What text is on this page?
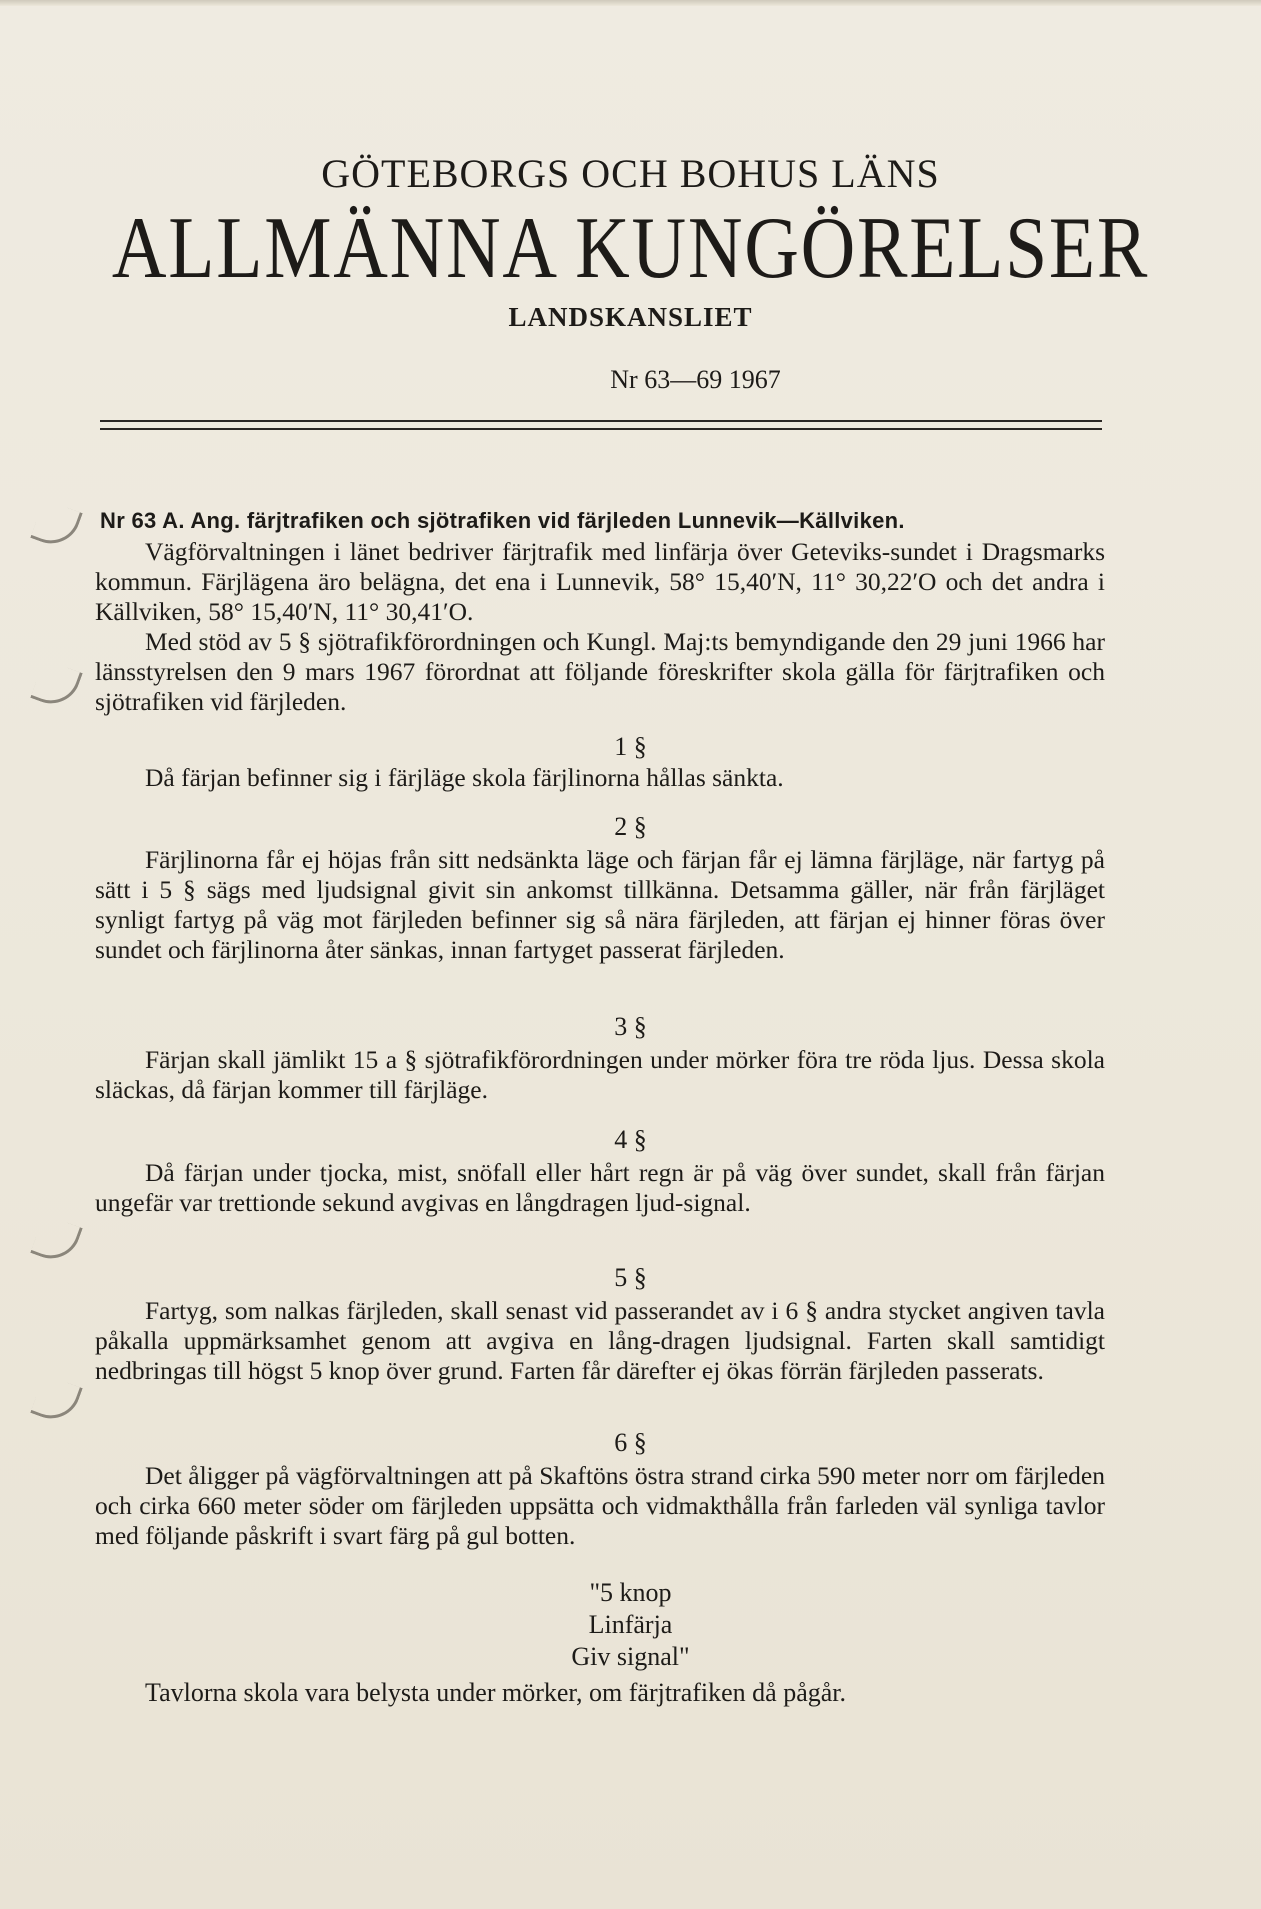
GÖTEBORGS OCH BOHUS LÄNS
ALLMÄNNA KUNGÖRELSER
LANDSKANSLIET
Nr 63—69 1967
Nr 63 A. Ang. färjtrafiken och sjötrafiken vid färjleden Lunnevik—Källviken.

Vägförvaltningen i länet bedriver färjtrafik med linfärja över Geteviks-sundet i Dragsmarks kommun. Färjlägena äro belägna, det ena i Lunnevik, 58° 15,40′N, 11° 30,22′O och det andra i Källviken, 58° 15,40′N, 11° 30,41′O.

Med stöd av 5 § sjötrafikförordningen och Kungl. Maj:ts bemyndigande den 29 juni 1966 har länsstyrelsen den 9 mars 1967 förordnat att följande föreskrifter skola gälla för färjtrafiken och sjötrafiken vid färjleden.

1 §

Då färjan befinner sig i färjläge skola färjlinorna hållas sänkta.

2 §

Färjlinorna får ej höjas från sitt nedsänkta läge och färjan får ej lämna färjläge, när fartyg på sätt i 5 § sägs med ljudsignal givit sin ankomst tillkänna. Detsamma gäller, när från färjläget synligt fartyg på väg mot färjleden befinner sig så nära färjleden, att färjan ej hinner föras över sundet och färjlinorna åter sänkas, innan fartyget passerat färjleden.

3 §

Färjan skall jämlikt 15 a § sjötrafikförordningen under mörker föra tre röda ljus. Dessa skola släckas, då färjan kommer till färjläge.

4 §

Då färjan under tjocka, mist, snöfall eller hårt regn är på väg över sundet, skall från färjan ungefär var trettionde sekund avgivas en långdragen ljud-signal.

5 §

Fartyg, som nalkas färjleden, skall senast vid passerandet av i 6 § andra stycket angiven tavla påkalla uppmärksamhet genom att avgiva en lång-dragen ljudsignal. Farten skall samtidigt nedbringas till högst 5 knop över grund. Farten får därefter ej ökas förrän färjleden passerats.

6 §

Det åligger på vägförvaltningen att på Skaftöns östra strand cirka 590 meter norr om färjleden och cirka 660 meter söder om färjleden uppsätta och vidmakthålla från farleden väl synliga tavlor med följande påskrift i svart färg på gul botten.

"5 knop
Linfärja
Giv signal"
Tavlorna skola vara belysta under mörker, om färjtrafiken då pågår.
